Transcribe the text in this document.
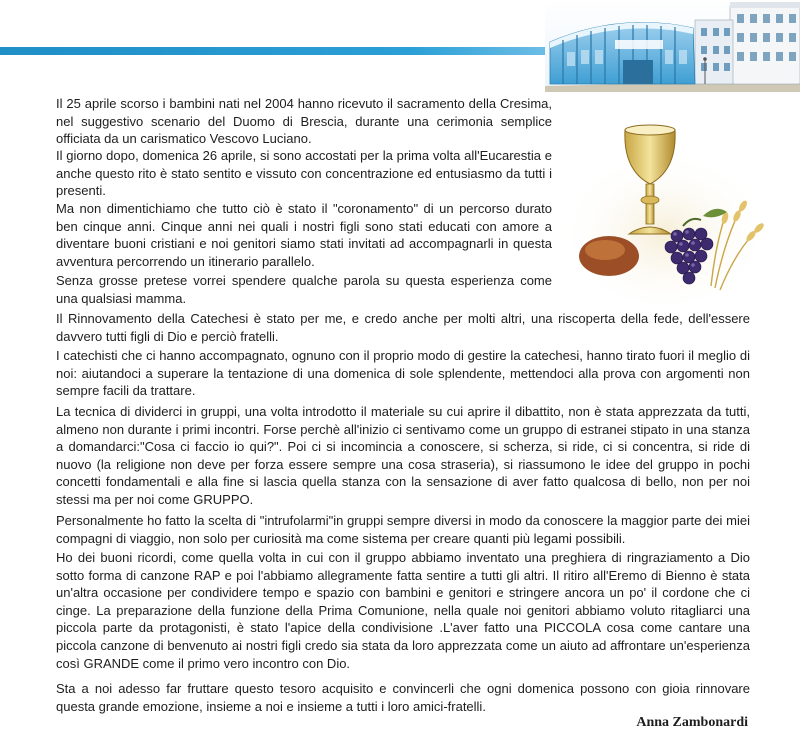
Il 25 aprile scorso i bambini nati nel 2004 hanno ricevuto il sacramento della Cresima, nel suggestivo scenario del Duomo di Brescia, durante una cerimonia semplice officiata da un carismatico Vescovo Luciano.

Il giorno dopo, domenica 26 aprile, si sono accostati per la prima volta all'Eucarestia e anche questo rito è stato sentito e vissuto con concentrazione ed entusiasmo da tutti i presenti.

Ma non dimentichiamo che tutto ciò è stato il "coronamento" di un percorso durato ben cinque anni. Cinque anni nei quali i nostri figli sono stati educati con amore a diventare buoni cristiani e noi genitori siamo stati invitati ad accompagnarli in questa avventura percorrendo un itinerario parallelo.

Senza grosse pretese vorrei spendere qualche parola su questa esperienza come una qualsiasi mamma.

Il Rinnovamento della Catechesi è stato per me, e credo anche per molti altri, una riscoperta della fede, dell'essere davvero tutti figli di Dio e perciò fratelli.

I catechisti che ci hanno accompagnato, ognuno con il proprio modo di gestire la catechesi, hanno tirato fuori il meglio di noi: aiutandoci a superare la tentazione di una domenica di sole splendente, mettendoci alla prova con argomenti non sempre facili da trattare.

La tecnica di dividerci in gruppi, una volta introdotto il materiale su cui aprire il dibattito, non è stata apprezzata da tutti, almeno non durante i primi incontri. Forse perchè all'inizio ci sentivamo come un gruppo di estranei stipato in una stanza a domandarci:"Cosa ci faccio io qui?". Poi ci si incomincia a conoscere, si scherza, si ride, ci si concentra, si ride di nuovo (la religione non deve per forza essere sempre una cosa straseria), si riassumono le idee del gruppo in pochi concetti fondamentali e alla fine si lascia quella stanza con la sensazione di aver fatto qualcosa di bello, non per noi stessi ma per noi come GRUPPO.

Personalmente ho fatto la scelta di "intrufolarmi"in gruppi sempre diversi in modo da conoscere la maggior parte dei miei compagni di viaggio, non solo per curiosità ma come sistema per creare quanti più legami possibili.

Ho dei buoni ricordi, come quella volta in cui con il gruppo abbiamo inventato una preghiera di ringraziamento a Dio sotto forma di canzone RAP e poi l'abbiamo allegramente fatta sentire a tutti gli altri. Il ritiro all'Eremo di Bienno è stata un'altra occasione per condividere tempo e spazio con bambini e genitori e stringere ancora un po' il cordone che ci cinge. La preparazione della funzione della Prima Comunione, nella quale noi genitori abbiamo voluto ritagliarci una piccola parte da protagonisti, è stato l'apice della condivisione .L'aver fatto una PICCOLA cosa come cantare una piccola canzone di benvenuto ai nostri figli credo sia stata da loro apprezzata come un aiuto ad affrontare un'esperienza così GRANDE come il primo vero incontro con Dio.

Sta a noi adesso far fruttare questo tesoro acquisito e convincerli che ogni domenica possono con gioia rinnovare questa grande emozione, insieme a noi e insieme a tutti i loro amici-fratelli.

Anna Zambonardi
